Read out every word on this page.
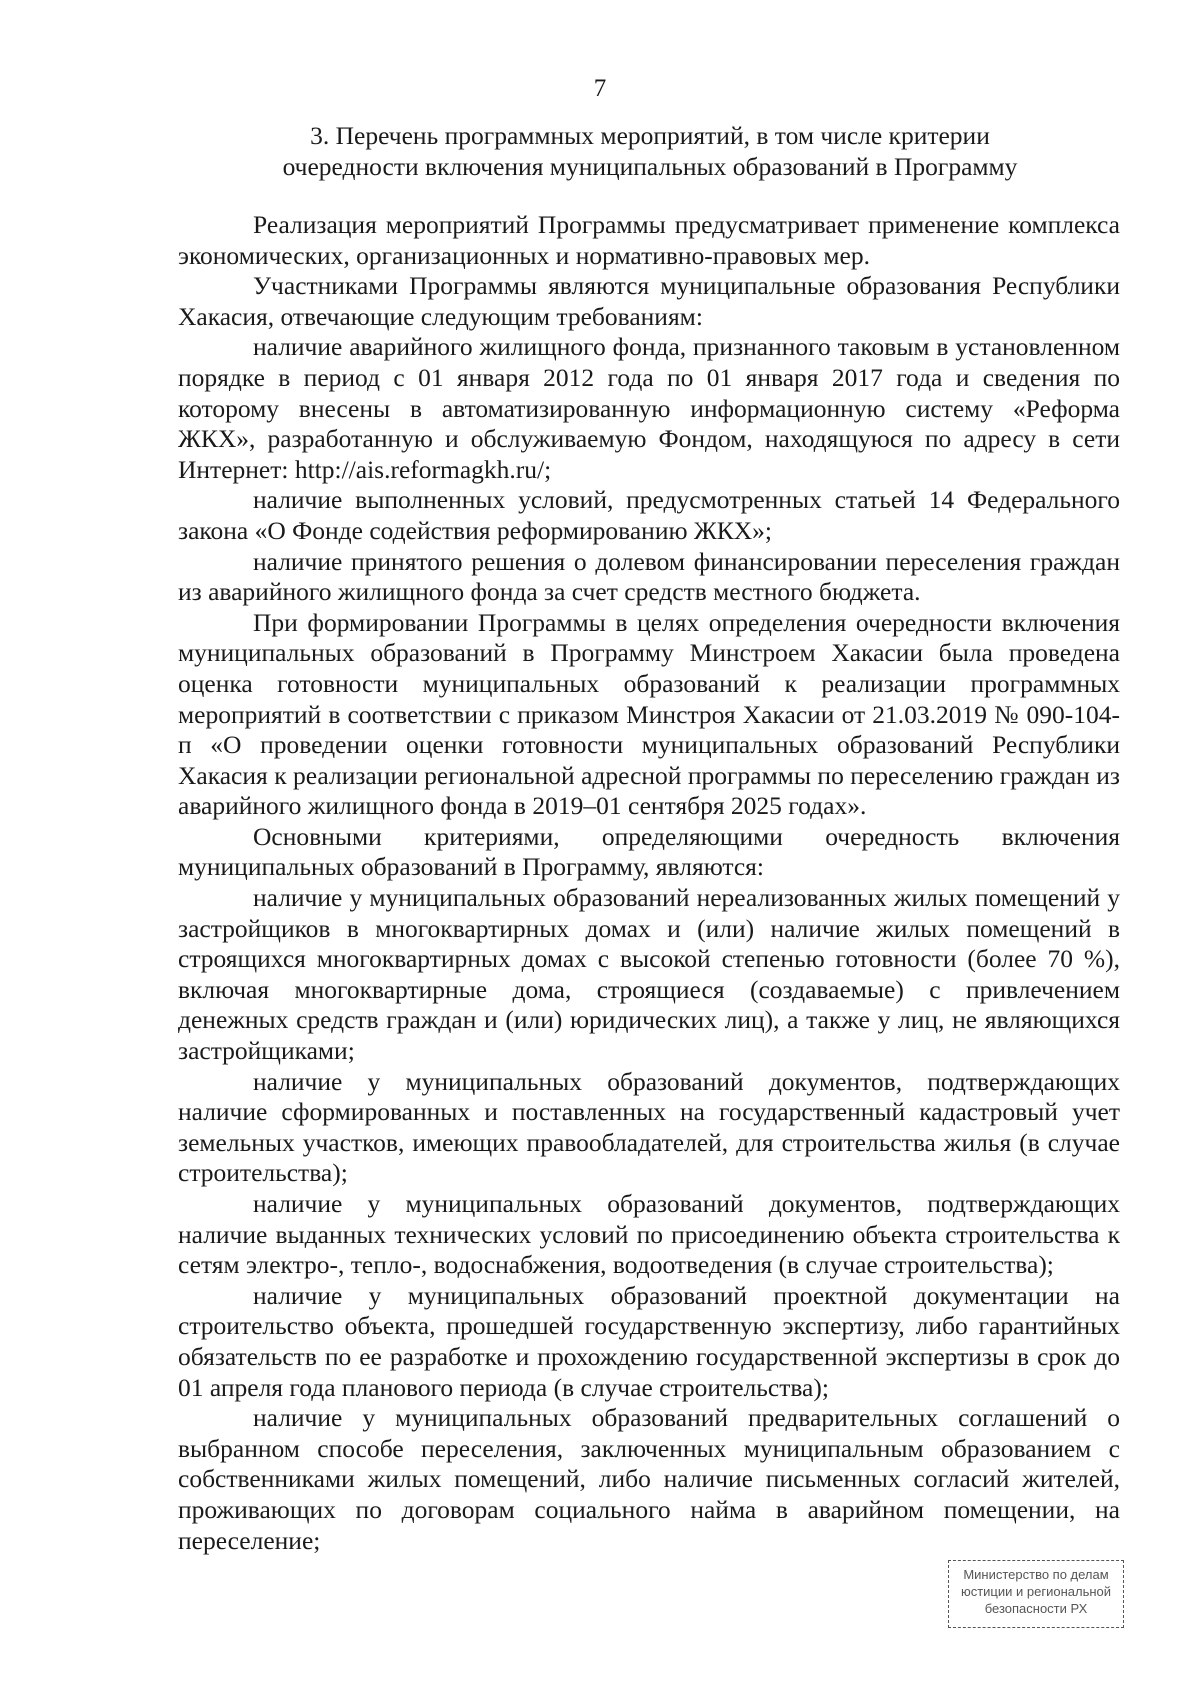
7
3. Перечень программных мероприятий, в том числе критерии
очередности включения муниципальных образований в Программу

Реализация мероприятий Программы предусматривает применение комплекса экономических, организационных и нормативно-правовых мер.

Участниками Программы являются муниципальные образования Республики Хакасия, отвечающие следующим требованиям:

наличие аварийного жилищного фонда, признанного таковым в установленном порядке в период с 01 января 2012 года по 01 января 2017 года и сведения по которому внесены в автоматизированную информационную систему «Реформа ЖКХ», разработанную и обслуживаемую Фондом, находящуюся по адресу в сети Интернет: http://ais.reformagkh.ru/;

наличие выполненных условий, предусмотренных статьей 14 Федерального закона «О Фонде содействия реформированию ЖКХ»;

наличие принятого решения о долевом финансировании переселения граждан из аварийного жилищного фонда за счет средств местного бюджета.

При формировании Программы в целях определения очередности включения муниципальных образований в Программу Минстроем Хакасии была проведена оценка готовности муниципальных образований к реализации программных мероприятий в соответствии с приказом Минстроя Хакасии от 21.03.2019 № 090-104-п «О проведении оценки готовности муниципальных образований Республики Хакасия к реализации региональной адресной программы по переселению граждан из аварийного жилищного фонда в 2019–01 сентября 2025 годах».

Основными критериями, определяющими очередность включения муниципальных образований в Программу, являются:

наличие у муниципальных образований нереализованных жилых помещений у застройщиков в многоквартирных домах и (или) наличие жилых помещений в строящихся многоквартирных домах с высокой степенью готовности (более 70 %), включая многоквартирные дома, строящиеся (создаваемые) с привлечением денежных средств граждан и (или) юридических лиц), а также у лиц, не являющихся застройщиками;

наличие у муниципальных образований документов, подтверждающих наличие сформированных и поставленных на государственный кадастровый учет земельных участков, имеющих правообладателей, для строительства жилья (в случае строительства);

наличие у муниципальных образований документов, подтверждающих наличие выданных технических условий по присоединению объекта строительства к сетям электро-, тепло-, водоснабжения, водоотведения (в случае строительства);

наличие у муниципальных образований проектной документации на строительство объекта, прошедшей государственную экспертизу, либо гарантийных обязательств по ее разработке и прохождению государственной экспертизы в срок до 01 апреля года планового периода (в случае строительства);

наличие у муниципальных образований предварительных соглашений о выбранном способе переселения, заключенных муниципальным образованием с собственниками жилых помещений, либо наличие письменных согласий жителей, проживающих по договорам социального найма в аварийном помещении, на переселение;

Министерство по делам
юстиции и региональной
безопасности РХ
